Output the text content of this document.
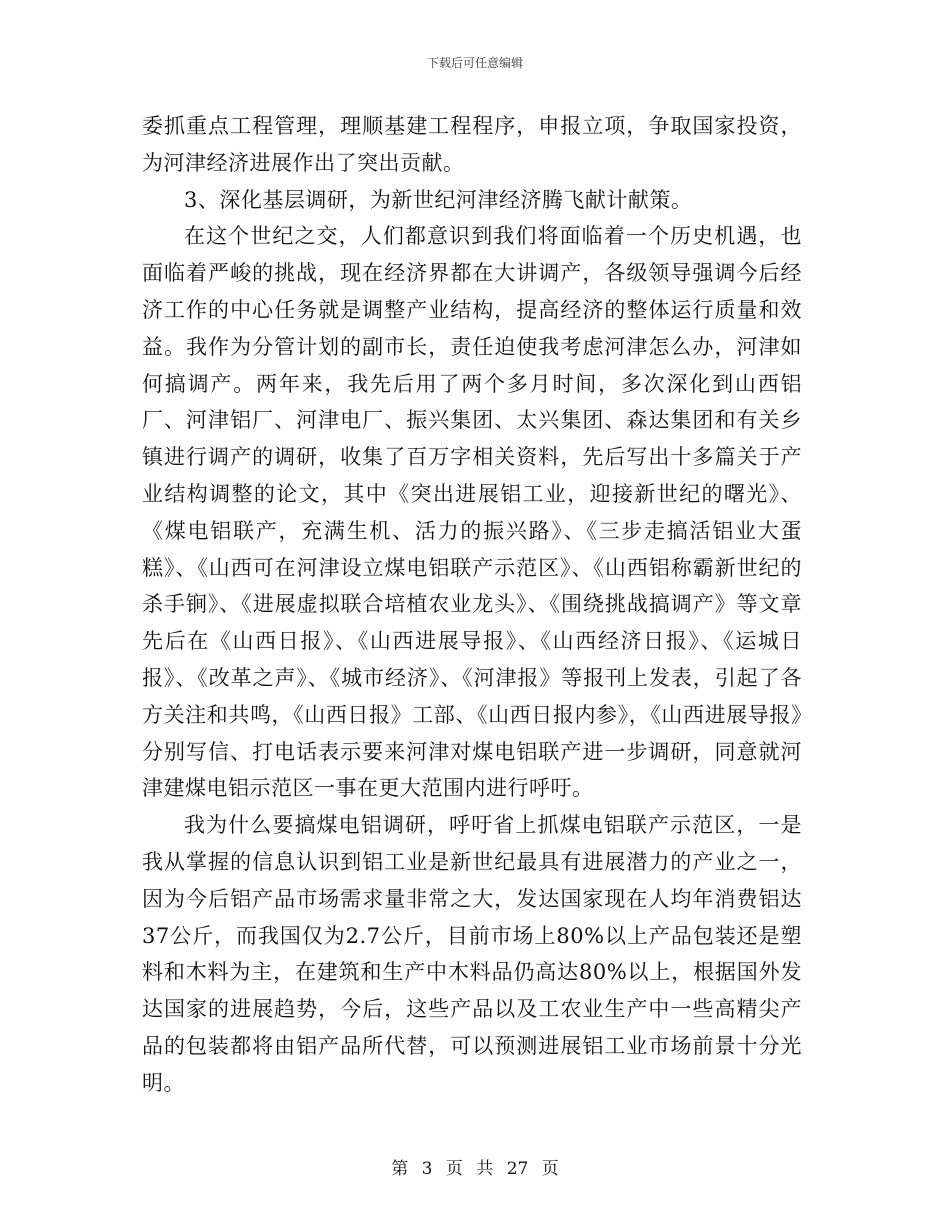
下载后可任意编辑

委抓重点工程管理，理顺基建工程程序，申报立项，争取国家投资，为河津经济进展作出了突出贡献。

3、深化基层调研，为新世纪河津经济腾飞献计献策。

在这个世纪之交，人们都意识到我们将面临着一个历史机遇，也面临着严峻的挑战，现在经济界都在大讲调产，各级领导强调今后经济工作的中心任务就是调整产业结构，提高经济的整体运行质量和效益。我作为分管计划的副市长，责任迫使我考虑河津怎么办，河津如何搞调产。两年来，我先后用了两个多月时间，多次深化到山西铝厂、河津铝厂、河津电厂、振兴集团、太兴集团、森达集团和有关乡镇进行调产的调研，收集了百万字相关资料，先后写出十多篇关于产业结构调整的论文，其中《突出进展铝工业，迎接新世纪的曙光》、《煤电铝联产，充满生机、活力的振兴路》、《三步走搞活铝业大蛋糕》、《山西可在河津设立煤电铝联产示范区》、《山西铝称霸新世纪的杀手锏》、《进展虚拟联合培植农业龙头》、《围绕挑战搞调产》等文章先后在《山西日报》、《山西进展导报》、《山西经济日报》、《运城日报》、《改革之声》、《城市经济》、《河津报》等报刊上发表，引起了各方关注和共鸣，《山西日报》工部、《山西日报内参》，《山西进展导报》分别写信、打电话表示要来河津对煤电铝联产进一步调研，同意就河津建煤电铝示范区一事在更大范围内进行呼吁。

我为什么要搞煤电铝调研，呼吁省上抓煤电铝联产示范区，一是我从掌握的信息认识到铝工业是新世纪最具有进展潜力的产业之一，因为今后铝产品市场需求量非常之大，发达国家现在人均年消费铝达37公斤，而我国仅为2.7公斤，目前市场上80%以上产品包装还是塑料和木料为主，在建筑和生产中木料品仍高达80%以上，根据国外发达国家的进展趋势，今后，这些产品以及工农业生产中一些高精尖产品的包装都将由铝产品所代替，可以预测进展铝工业市场前景十分光明。

第 3 页 共 27 页
